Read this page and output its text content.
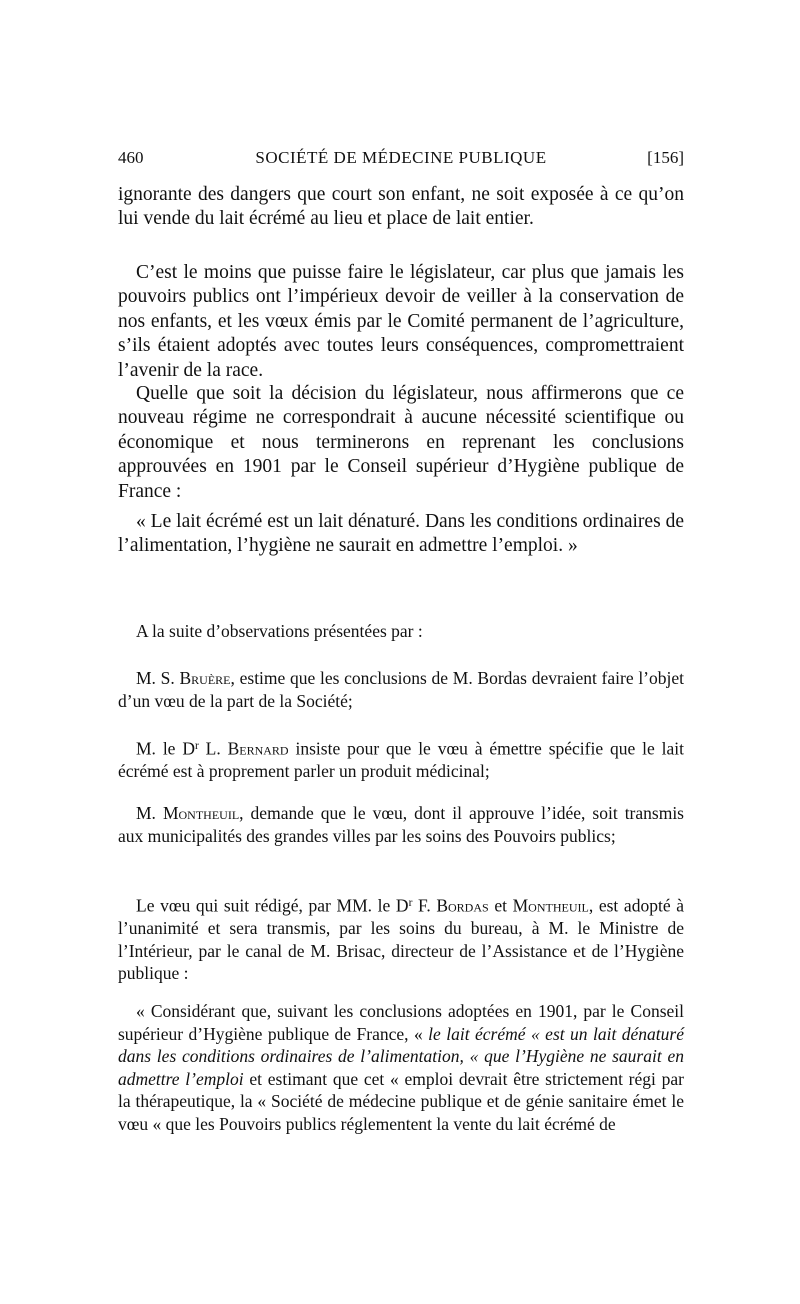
460	SOCIÉTÉ DE MÉDECINE PUBLIQUE	[156]

ignorante des dangers que court son enfant, ne soit exposée à ce qu’on lui vende du lait écrémé au lieu et place de lait entier.

C’est le moins que puisse faire le législateur, car plus que jamais les pouvoirs publics ont l’impérieux devoir de veiller à la conservation de nos enfants, et les vœux émis par le Comité permanent de l’agriculture, s’ils étaient adoptés avec toutes leurs conséquences, compromettraient l’avenir de la race.

Quelle que soit la décision du législateur, nous affirmerons que ce nouveau régime ne correspondrait à aucune nécessité scientifique ou économique et nous terminerons en reprenant les conclusions approuvées en 1901 par le Conseil supérieur d’Hygiène publique de France :

« Le lait écrémé est un lait dénaturé. Dans les conditions ordinaires de l’alimentation, l’hygiène ne saurait en admettre l’emploi. »

A la suite d’observations présentées par :

M. S. Bruère, estime que les conclusions de M. Bordas devraient faire l’objet d’un vœu de la part de la Société;

M. le $D^r$ L. Bernard insiste pour que le vœu à émettre spécifie que le lait écrémé est à proprement parler un produit médicinal;

M. Montheuil, demande que le vœu, dont il approuve l’idée, soit transmis aux municipalités des grandes villes par les soins des Pouvoirs publics;

Le vœu qui suit rédigé, par MM. le $D^r$ F. Bordas et Montheuil, est adopté à l’unanimité et sera transmis, par les soins du bureau, à M. le Ministre de l’Intérieur, par le canal de M. Brisac, directeur de l’Assistance et de l’Hygiène publique :

« Considérant que, suivant les conclusions adoptées en 1901, par le Conseil supérieur d’Hygiène publique de France, « le lait écrémé « est un lait dénaturé dans les conditions ordinaires de l’alimentation, « que l’Hygiène ne saurait en admettre l’emploi et estimant que cet « emploi devrait être strictement régi par la thérapeutique, la « Société de médecine publique et de génie sanitaire émet le vœu « que les Pouvoirs publics réglementent la vente du lait écrémé de
